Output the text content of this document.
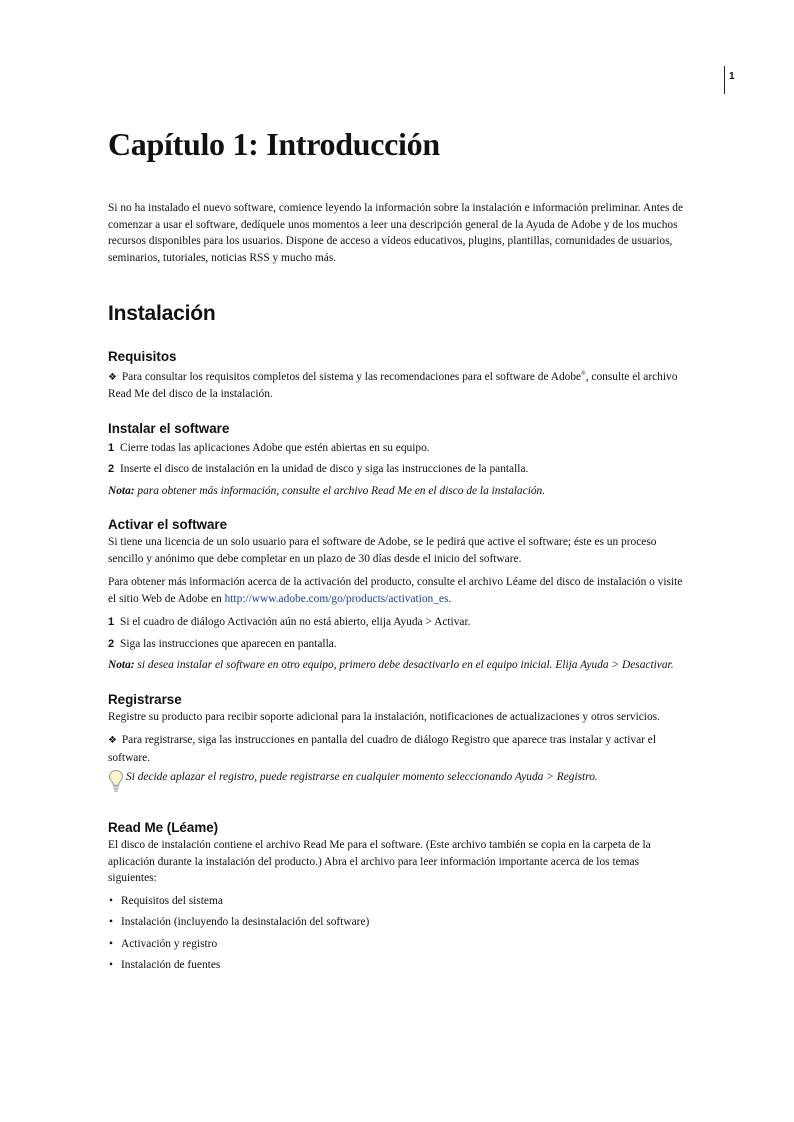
1
Capítulo 1: Introducción

Si no ha instalado el nuevo software, comience leyendo la información sobre la instalación e información preliminar. Antes de comenzar a usar el software, dedíquele unos momentos a leer una descripción general de la Ayuda de Adobe y de los muchos recursos disponibles para los usuarios. Dispone de acceso a vídeos educativos, plugins, plantillas, comunidades de usuarios, seminarios, tutoriales, noticias RSS y mucho más.

Instalación
Requisitos

❖ Para consultar los requisitos completos del sistema y las recomendaciones para el software de Adobe®, consulte el archivo Read Me del disco de la instalación.

Instalar el software
1 Cierre todas las aplicaciones Adobe que estén abiertas en su equipo.
2 Inserte el disco de instalación en la unidad de disco y siga las instrucciones de la pantalla.

Nota: para obtener más información, consulte el archivo Read Me en el disco de la instalación.

Activar el software

Si tiene una licencia de un solo usuario para el software de Adobe, se le pedirá que active el software; éste es un proceso sencillo y anónimo que debe completar en un plazo de 30 días desde el inicio del software.

Para obtener más información acerca de la activación del producto, consulte el archivo Léame del disco de instalación o visite el sitio Web de Adobe en http://www.adobe.com/go/products/activation_es.

1 Si el cuadro de diálogo Activación aún no está abierto, elija Ayuda > Activar.
2 Siga las instrucciones que aparecen en pantalla.

Nota: si desea instalar el software en otro equipo, primero debe desactivarlo en el equipo inicial. Elija Ayuda > Desactivar.

Registrarse

Registre su producto para recibir soporte adicional para la instalación, notificaciones de actualizaciones y otros servicios.

❖ Para registrarse, siga las instrucciones en pantalla del cuadro de diálogo Registro que aparece tras instalar y activar el software.

Si decide aplazar el registro, puede registrarse en cualquier momento seleccionando Ayuda > Registro.

Read Me (Léame)

El disco de instalación contiene el archivo Read Me para el software. (Este archivo también se copia en la carpeta de la aplicación durante la instalación del producto.) Abra el archivo para leer información importante acerca de los temas siguientes:

• Requisitos del sistema
• Instalación (incluyendo la desinstalación del software)
• Activación y registro
• Instalación de fuentes
